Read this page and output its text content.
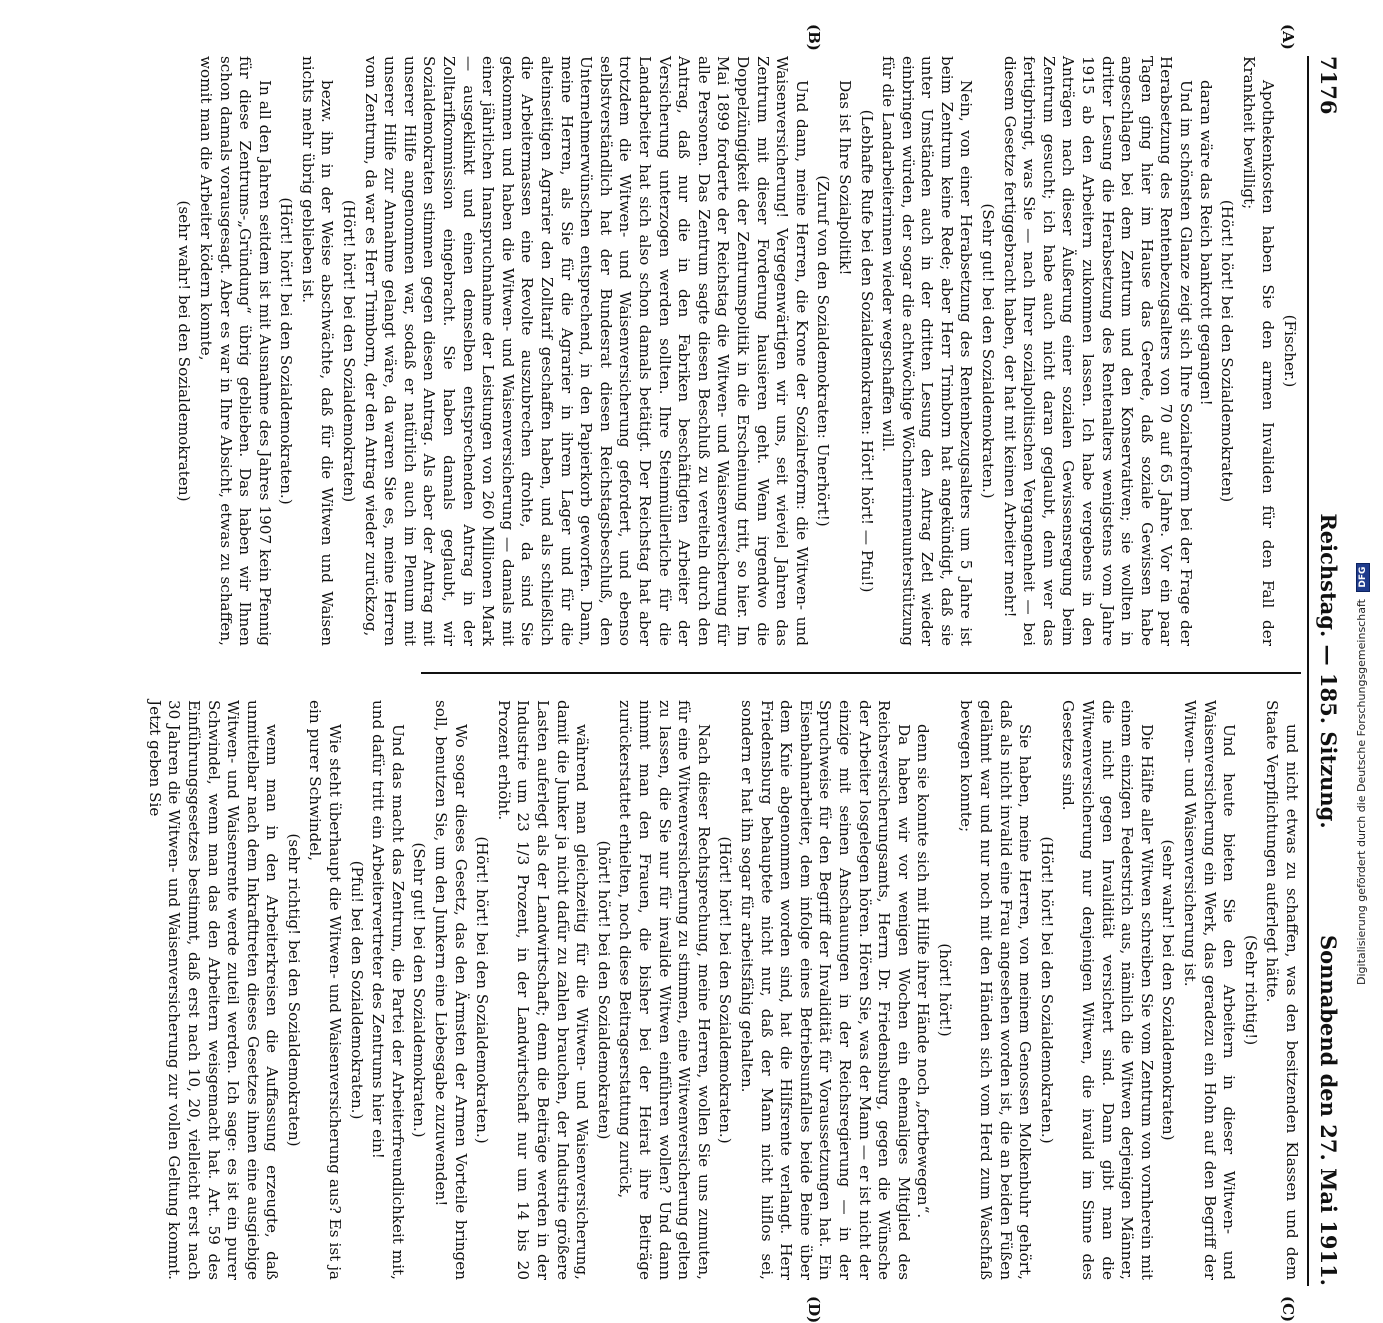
7176
Reichstag. — 185. Sitzung.
Sonnabend den 27. Mai 1911.
(A)
(B)
(C)
(D)

(Fischer.)

Apothekenkosten haben Sie den armen Invaliden für den Fall der Krankheit bewilligt;

(Hört! hört! bei den Sozialdemokraten)

daran wäre das Reich bankrott gegangen!

Und im schönsten Glanze zeigt sich Ihre Sozialreform bei der Frage der Herabsetzung des Rentenbezugsalters von 70 auf 65 Jahre. Vor ein paar Tagen ging hier im Hause das Gerede, daß soziale Gewissen habe angeschlagen bei dem Zentrum und den Konservativen; sie wollten in dritter Lesung die Herabsetzung des Rentenalters wenigstens vom Jahre 1915 ab den Arbeitern zukommen lassen. Ich habe vergebens in den Anträgen nach dieser Äußerung einer sozialen Gewissensregung beim Zentrum gesucht; ich habe auch nicht daran geglaubt, denn wer das fertigbringt, was Sie — nach Ihrer sozialpolitischen Vergangenheit — bei diesem Gesetze fertiggebracht haben, der hat mit keinen Arbeiter mehr!

(Sehr gut! bei den Sozialdemokraten.)

Nein, von einer Herabsetzung des Rentenbezugsalters um 5 Jahre ist beim Zentrum keine Rede; aber Herr Trimborn hat angekündigt, daß sie unter Umständen auch in der dritten Lesung den Antrag Zetl wieder einbringen würden, der sogar die achtwöchige Wöchnerinnenunterstützung für die Landarbeiterinnen wieder wegschaffen will.

(Lebhafte Rufe bei den Sozialdemokraten: Hört! hört! — Pfui!)

Das ist Ihre Sozialpolitik!

(Zuruf von den Sozialdemokraten: Unerhört!)

Und dann, meine Herren, die Krone der Sozialreform: die Witwen- und Waisenversicherung! Vergegenwärtigen wir uns, seit wieviel Jahren das Zentrum mit dieser Forderung hausieren geht. Wenn irgendwo die Doppelzüngigkeit der Zentrumspolitik in die Erscheinung tritt, so hier. Im Mai 1899 forderte der Reichstag die Witwen- und Waisenversicherung für alle Personen. Das Zentrum sagte diesen Beschluß zu vereiteln durch den Antrag, daß nur die in den Fabriken beschäftigten Arbeiter der Versicherung unterzogen werden sollten. Ihre Steinmüllerliche für die Landarbeiter hat sich also schon damals betätigt. Der Reichstag hat aber trotzdem die Witwen- und Waisenversicherung gefordert, und ebenso selbstverständlich hat der Bundesrat diesen Reichstagsbeschluß, den Unternehmerwünschen entsprechend, in den Papierkorb geworfen. Dann, meine Herren, als Sie für die Agrarier in ihrem Lager und für die alteinseitigen Agrarier den Zolltarif geschaffen haben, und als schließlich die Arbeitermassen eine Revolte auszubrechen drohte, da sind Sie gekommen und haben die Witwen- und Waisenversicherung — damals mit einer jährlichen Inanspruchnahme der Leistungen von 260 Millionen Mark — ausgeklinkt und einen demselben entsprechenden Antrag in der Zolltarifkommission eingebracht. Sie haben damals geglaubt, wir Sozialdemokraten stimmen gegen diesen Antrag. Als aber der Antrag mit unserer Hilfe angenommen war, sodaß er natürlich auch im Plenum mit unserer Hilfe zur Annahme gelangt wäre, da waren Sie es, meine Herren vom Zentrum, da war es Herr Trimborn, der den Antrag wieder zurückzog,

(Hört! hört! bei den Sozialdemokraten)

bezw. ihn in der Weise abschwächte, daß für die Witwen und Waisen nichts mehr übrig geblieben ist.

(Hört! hört! bei den Sozialdemokraten.)

In all den Jahren seitdem ist mit Ausnahme des Jahres 1907 kein Pfennig für diese Zentrums-„Gründung“ übrig geblieben. Das haben wir Ihnen schon damals vorausgesagt. Aber es war in Ihre Absicht, etwas zu schaffen, womit man die Arbeiter ködern konnte,

(sehr wahr! bei den Sozialdemokraten)

und nicht etwas zu schaffen, was den besitzenden Klassen und dem Staate Verpflichtungen auferlegt hätte.

(Sehr richtig!)

Und heute bieten Sie den Arbeitern in dieser Witwen- und Waisenversicherung ein Werk, das geradezu ein Hohn auf den Begriff der Witwen- und Waisenversicherung ist.

(sehr wahr! bei den Sozialdemokraten)

Die Hälfte aller Witwen schreiben Sie vom Zentrum von vornherein mit einem einzigen Federstrich aus, nämlich die Witwen derjenigen Männer, die nicht gegen Invalidität versichert sind. Dann gibt man die Witwenversicherung nur denjenigen Witwen, die invalid im Sinne des Gesetzes sind.

(Hört! hört! bei den Sozialdemokraten.)

Sie haben, meine Herren, von meinem Genossen Molkenbuhr gehört, daß als nicht invalid eine Frau angesehen worden ist, die an beiden Füßen gelähmt war und nur noch mit den Händen sich vom Herd zum Waschfaß bewegen konnte;

(hört! hört!)

denn sie konnte sich mit Hilfe ihrer Hände noch „fortbewegen“.

Da haben wir vor wenigen Wochen ein ehemaliges Mitglied des Reichsversicherungsamts, Herrn Dr. Friedensburg, gegen die Wünsche der Arbeiter losgelegen hören. Hören Sie, was der Mann — er ist nicht der einzige mit seinen Anschauungen in der Reichsregierung — in der Spruchweise für den Begriff der Invalidität für Voraussetzungen hat. Ein Eisenbahnarbeiter, dem infolge eines Betriebsunfalles beide Beine über dem Knie abgenommen worden sind, hat die Hilfsrente verlangt. Herr Friedensburg behauptete nicht nur, daß der Mann nicht hilflos sei, sondern er hat ihn sogar für arbeitsfähig gehalten.

(Hört! hört! bei den Sozialdemokraten.)

Nach dieser Rechtsprechung, meine Herren, wollen Sie uns zumuten, für eine Witwenversicherung zu stimmen, eine Witwenversicherung gelten zu lassen, die Sie nur für invalide Witwen einführen wollen? Und dann nimmt man den Frauen, die bisher bei der Heirat ihre Beiträge zurückerstattet erhielten, noch diese Beitragserstattung zurück,

(hört! hört! bei den Sozialdemokraten)

während man gleichzeitig für die Witwen- und Waisenversicherung, damit die Junker ja nicht dafür zu zahlen brauchen, der Industrie größere Lasten auferlegt als der Landwirtschaft; denn die Beiträge werden in der Industrie um 23 1/3 Prozent, in der Landwirtschaft nur um 14 bis 20 Prozent erhöht.

(Hört! hört! bei den Sozialdemokraten.)

Wo sogar dieses Gesetz, das den Ärmsten der Armen Vorteile bringen soll, benutzen Sie, um den Junkern eine Liebesgabe zuzuwenden!

(Sehr gut! bei den Sozialdemokraten.)

Und das macht das Zentrum, die Partei der Arbeiterfreundlichkeit mit, und dafür tritt ein Arbeitervertreter des Zentrums hier ein!

(Pfui! bei den Sozialdemokraten.)

Wie steht überhaupt die Witwen- und Waisenversicherung aus? Es ist ja ein purer Schwindel,

(sehr richtig! bei den Sozialdemokraten)

wenn man in den Arbeiterkreisen die Auffassung erzeugte, daß unmittelbar nach dem Inkrafttreten dieses Gesetzes ihnen eine ausgiebige Witwen- und Waisenrente werde zuteil werden. Ich sage: es ist ein purer Schwindel, wenn man das den Arbeitern weisgemacht hat. Art. 59 des Einführungsgesetzes bestimmt, daß erst nach 10, 20, vielleicht erst nach 30 Jahren die Witwen- und Waisenversicherung zur vollen Geltung kommt. Jetzt geben Sie	Digitalisierung gefördert durch die Deutsche Forschungsgemeinschaft DFG
